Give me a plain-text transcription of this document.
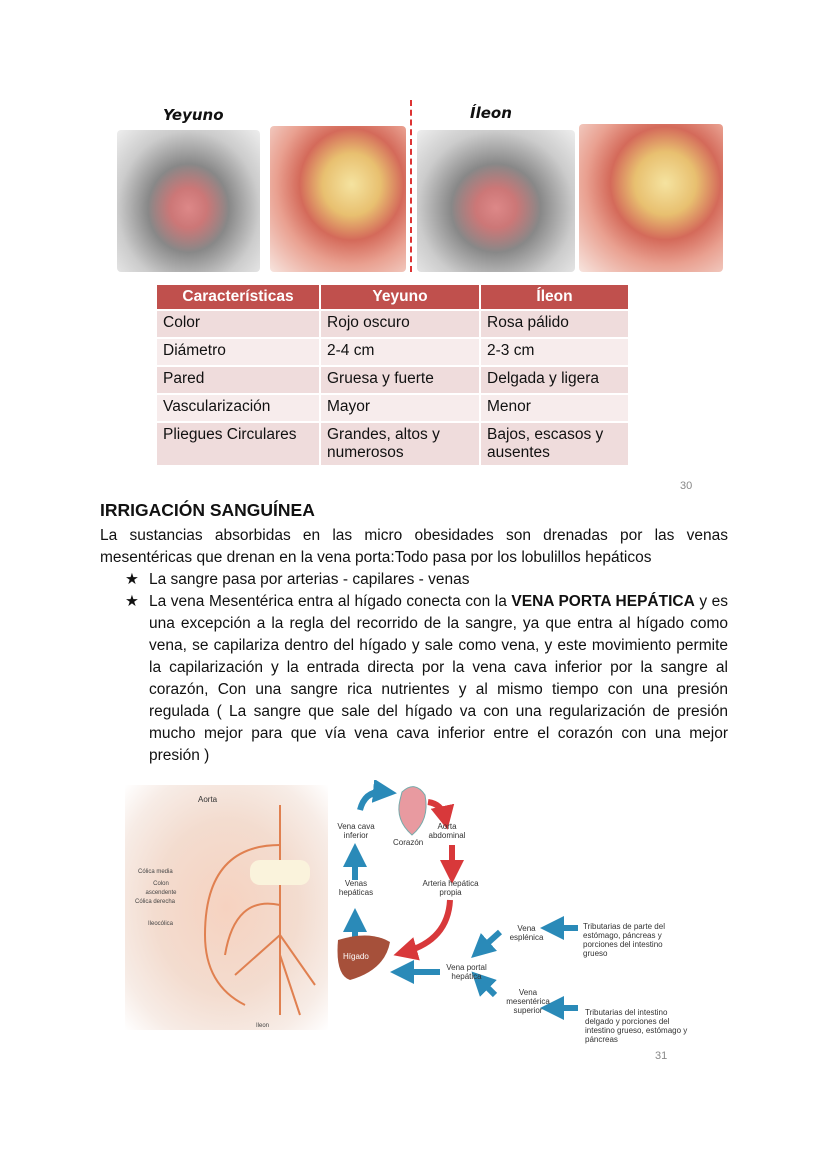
Yeyuno	Íleon
Características	Yeyuno	Íleon
Color	Rojo oscuro	Rosa pálido
Diámetro	2-4 cm	2-3 cm
Pared	Gruesa y fuerte	Delgada y ligera
Vascularización	Mayor	Menor
Pliegues Circulares	Grandes, altos y numerosos	Bajos, escasos y ausentes
30
IRRIGACIÓN SANGUÍNEA

La sustancias absorbidas en las micro obesidades son drenadas por las venas mesentéricas que drenan en la vena porta:Todo pasa por los lobulillos hepáticos

★ La sangre pasa por arterias - capilares - venas
★ La vena Mesentérica entra al hígado conecta con la VENA PORTA HEPÁTICA y es una excepción a la regla del recorrido de la sangre, ya que entra al hígado como vena, se capilariza dentro del hígado y sale como vena, y este movimiento permite la capilarización y la entrada directa por la vena cava inferior por la sangre al corazón, Con una sangre rica nutrientes y al mismo tiempo con una presión regulada ( La sangre que sale del hígado va con una regularización de presión mucho mejor para que vía vena cava inferior entre el corazón con una mejor presión )
Aorta
Cólica media
Colon ascendente
Cólica derecha
Ileocólica
Ileon
Vena cava inferior
Corazón
Aorta abdominal
Venas hepáticas
Arteria hepática propia
Hígado
Vena portal hepática
Vena esplénica
Vena mesentérica superior
Tributarias de parte del estómago, páncreas y porciones del intestino grueso
Tributarias del intestino delgado y porciones del intestino grueso, estómago y páncreas
31
